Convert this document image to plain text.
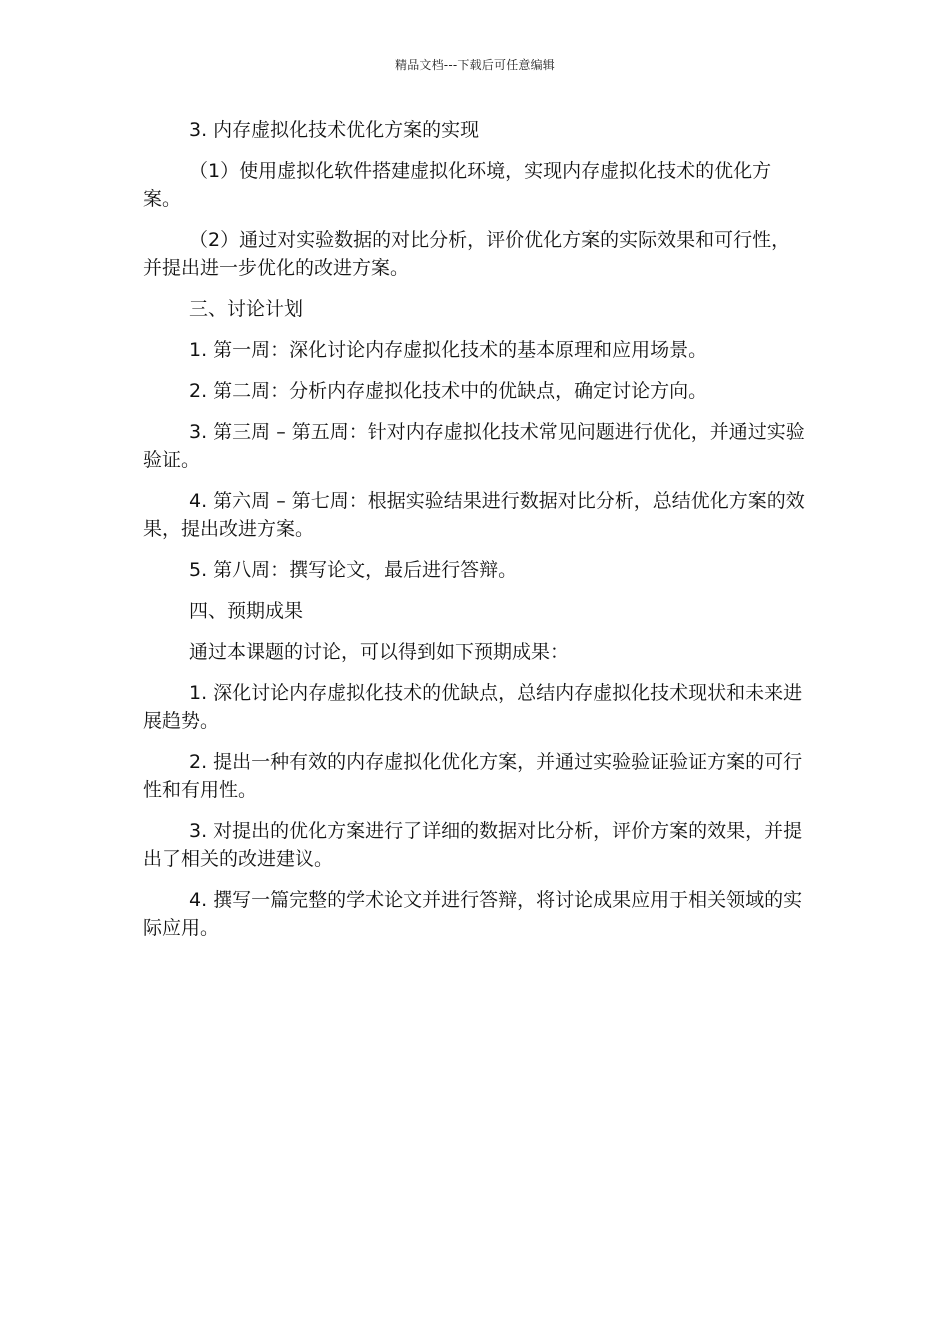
精品文档---下载后可任意编辑

3. 内存虚拟化技术优化方案的实现

（1）使用虚拟化软件搭建虚拟化环境，实现内存虚拟化技术的优化方案。

（2）通过对实验数据的对比分析，评价优化方案的实际效果和可行性，并提出进一步优化的改进方案。

三、讨论计划

1. 第一周：深化讨论内存虚拟化技术的基本原理和应用场景。

2. 第二周：分析内存虚拟化技术中的优缺点，确定讨论方向。

3. 第三周 – 第五周：针对内存虚拟化技术常见问题进行优化，并通过实验验证。

4. 第六周 – 第七周：根据实验结果进行数据对比分析，总结优化方案的效果，提出改进方案。

5. 第八周：撰写论文，最后进行答辩。

四、预期成果

通过本课题的讨论，可以得到如下预期成果：

1. 深化讨论内存虚拟化技术的优缺点，总结内存虚拟化技术现状和未来进展趋势。

2. 提出一种有效的内存虚拟化优化方案，并通过实验验证验证方案的可行性和有用性。

3. 对提出的优化方案进行了详细的数据对比分析，评价方案的效果，并提出了相关的改进建议。

4. 撰写一篇完整的学术论文并进行答辩，将讨论成果应用于相关领域的实际应用。
